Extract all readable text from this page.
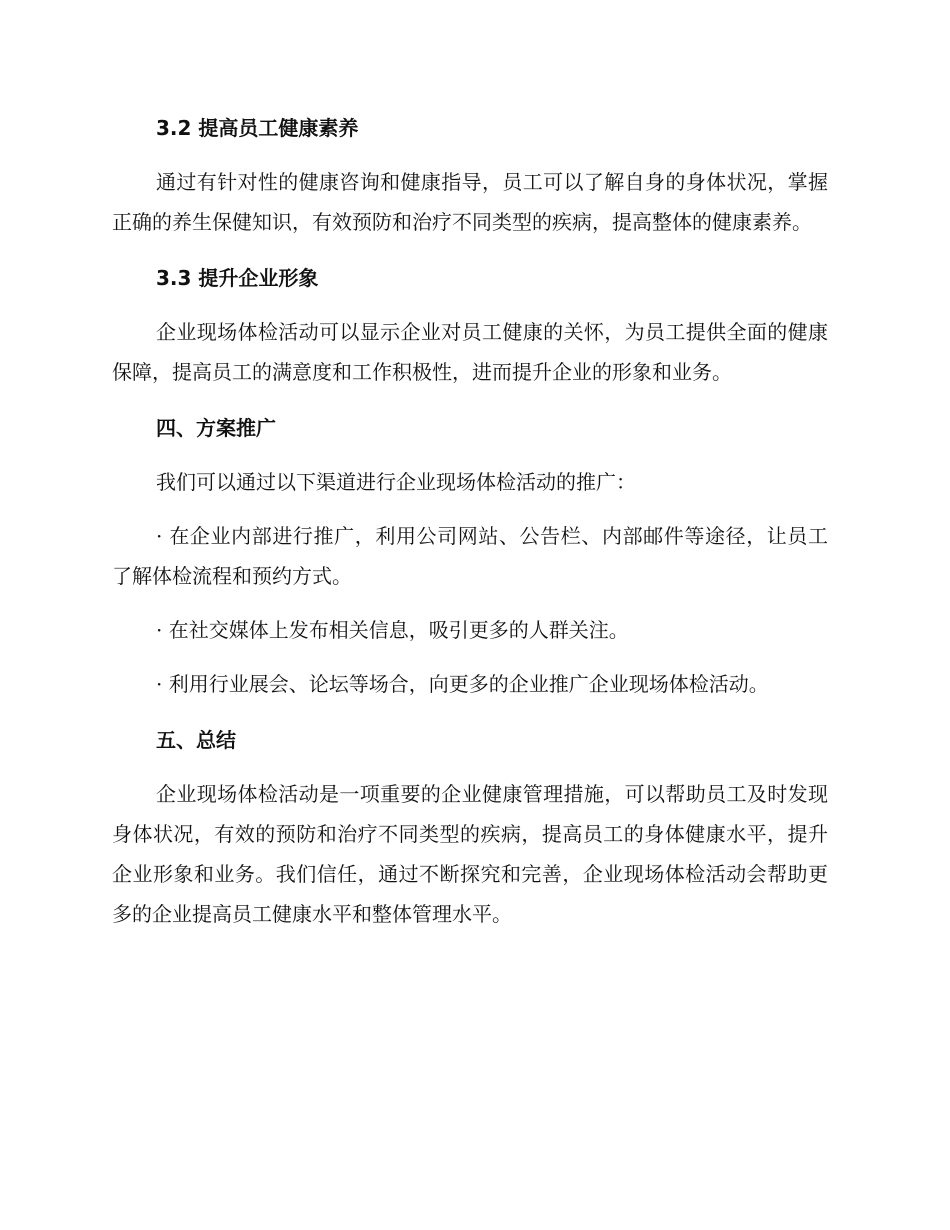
3.2 提高员工健康素养

通过有针对性的健康咨询和健康指导，员工可以了解自身的身体状况，掌握正确的养生保健知识，有效预防和治疗不同类型的疾病，提高整体的健康素养。

3.3 提升企业形象

企业现场体检活动可以显示企业对员工健康的关怀，为员工提供全面的健康保障，提高员工的满意度和工作积极性，进而提升企业的形象和业务。

四、方案推广

我们可以通过以下渠道进行企业现场体检活动的推广：

· 在企业内部进行推广，利用公司网站、公告栏、内部邮件等途径，让员工了解体检流程和预约方式。

· 在社交媒体上发布相关信息，吸引更多的人群关注。

· 利用行业展会、论坛等场合，向更多的企业推广企业现场体检活动。

五、总结

企业现场体检活动是一项重要的企业健康管理措施，可以帮助员工及时发现身体状况，有效的预防和治疗不同类型的疾病，提高员工的身体健康水平，提升企业形象和业务。我们信任，通过不断探究和完善，企业现场体检活动会帮助更多的企业提高员工健康水平和整体管理水平。
